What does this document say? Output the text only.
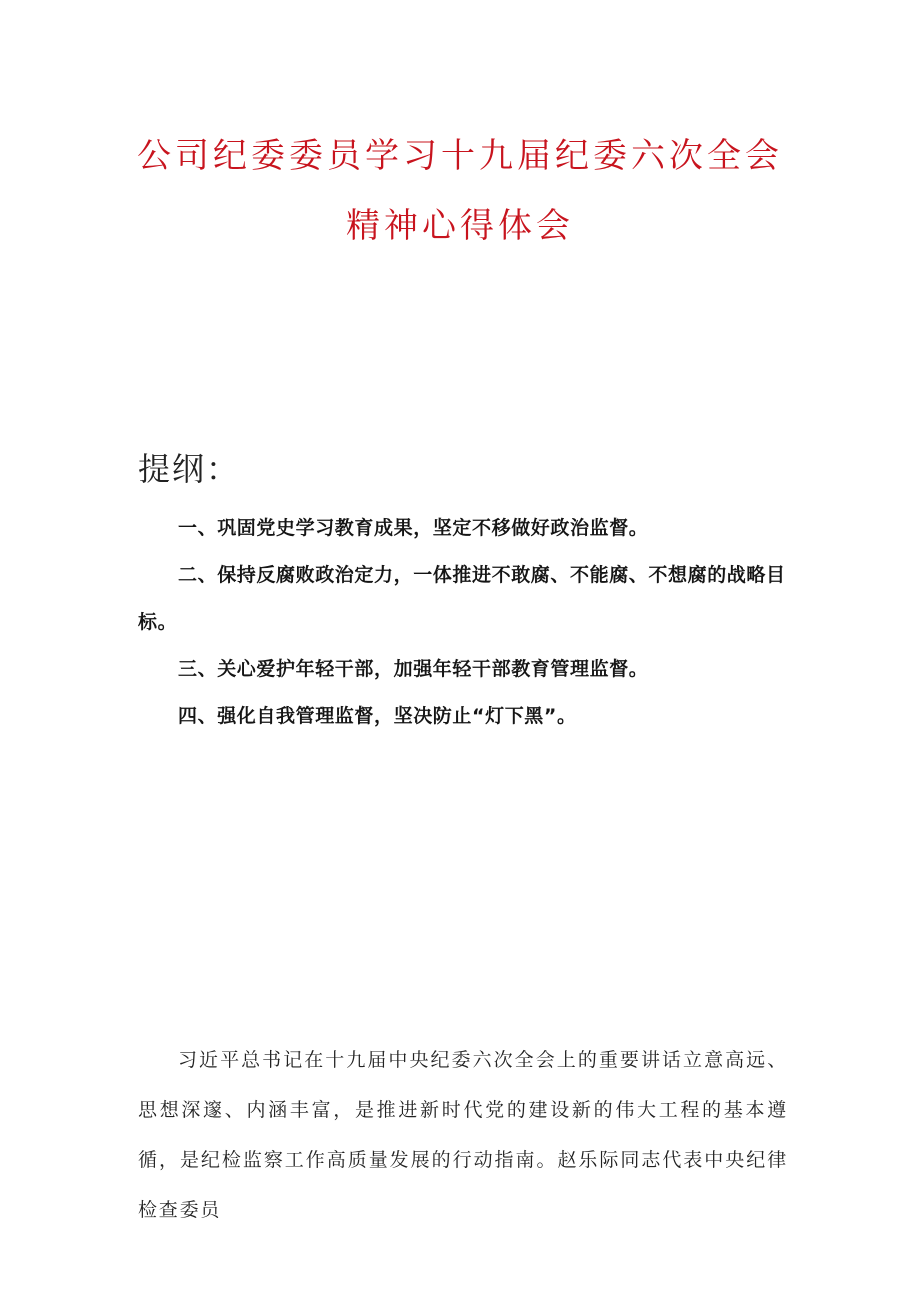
公司纪委委员学习十九届纪委六次全会
精神心得体会
提纲：
一、巩固党史学习教育成果，坚定不移做好政治监督。
二、保持反腐败政治定力，一体推进不敢腐、不能腐、不想腐的战略目标。
三、关心爱护年轻干部，加强年轻干部教育管理监督。
四、强化自我管理监督，坚决防止“灯下黑”。
习近平总书记在十九届中央纪委六次全会上的重要讲话立意高远、思想深邃、内涵丰富，是推进新时代党的建设新的伟大工程的基本遵循，是纪检监察工作高质量发展的行动指南。赵乐际同志代表中央纪律检查委员
